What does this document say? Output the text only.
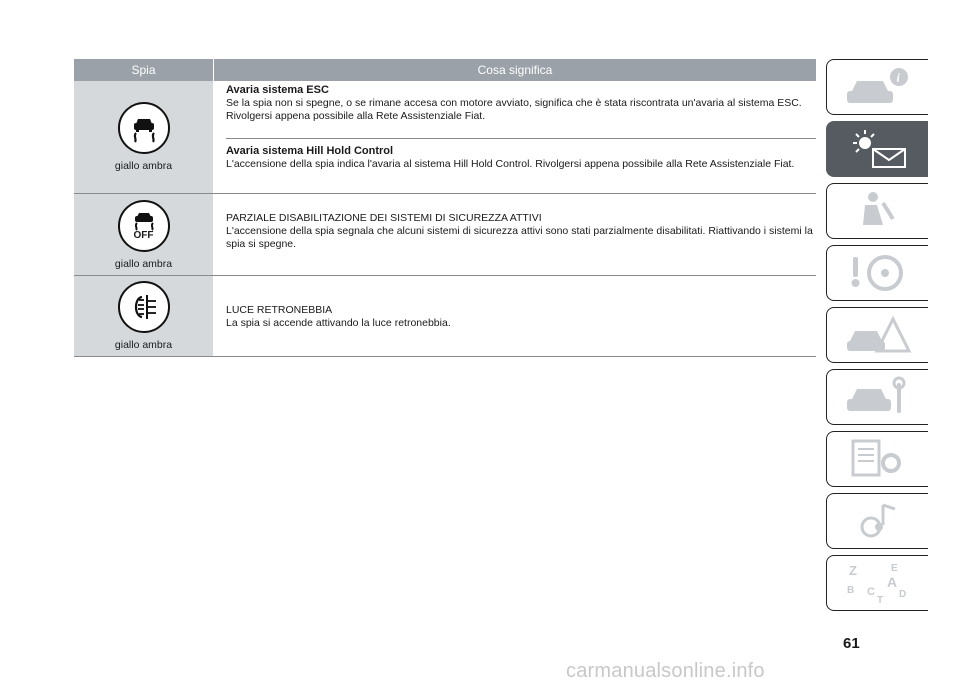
Spia	Cosa significa
giallo ambra
Avaria sistema ESC
Se la spia non si spegne, o se rimane accesa con motore avviato, significa che è stata riscontrata un'avaria al sistema ESC. Rivolgersi appena possibile alla Rete Assistenziale Fiat.
Avaria sistema Hill Hold Control
L'accensione della spia indica l'avaria al sistema Hill Hold Control. Rivolgersi appena possibile alla Rete Assistenziale Fiat.
OFF
giallo ambra
PARZIALE DISABILITAZIONE DEI SISTEMI DI SICUREZZA ATTIVI
L'accensione della spia segnala che alcuni sistemi di sicurezza attivi sono stati parzialmente disabilitati. Riattivando i sistemi la spia si spegne.
giallo ambra
LUCE RETRONEBBIA
La spia si accende attivando la luce retronebbia.
i
Z	E
A
B C
T
D
61
carmanualsonline.info
